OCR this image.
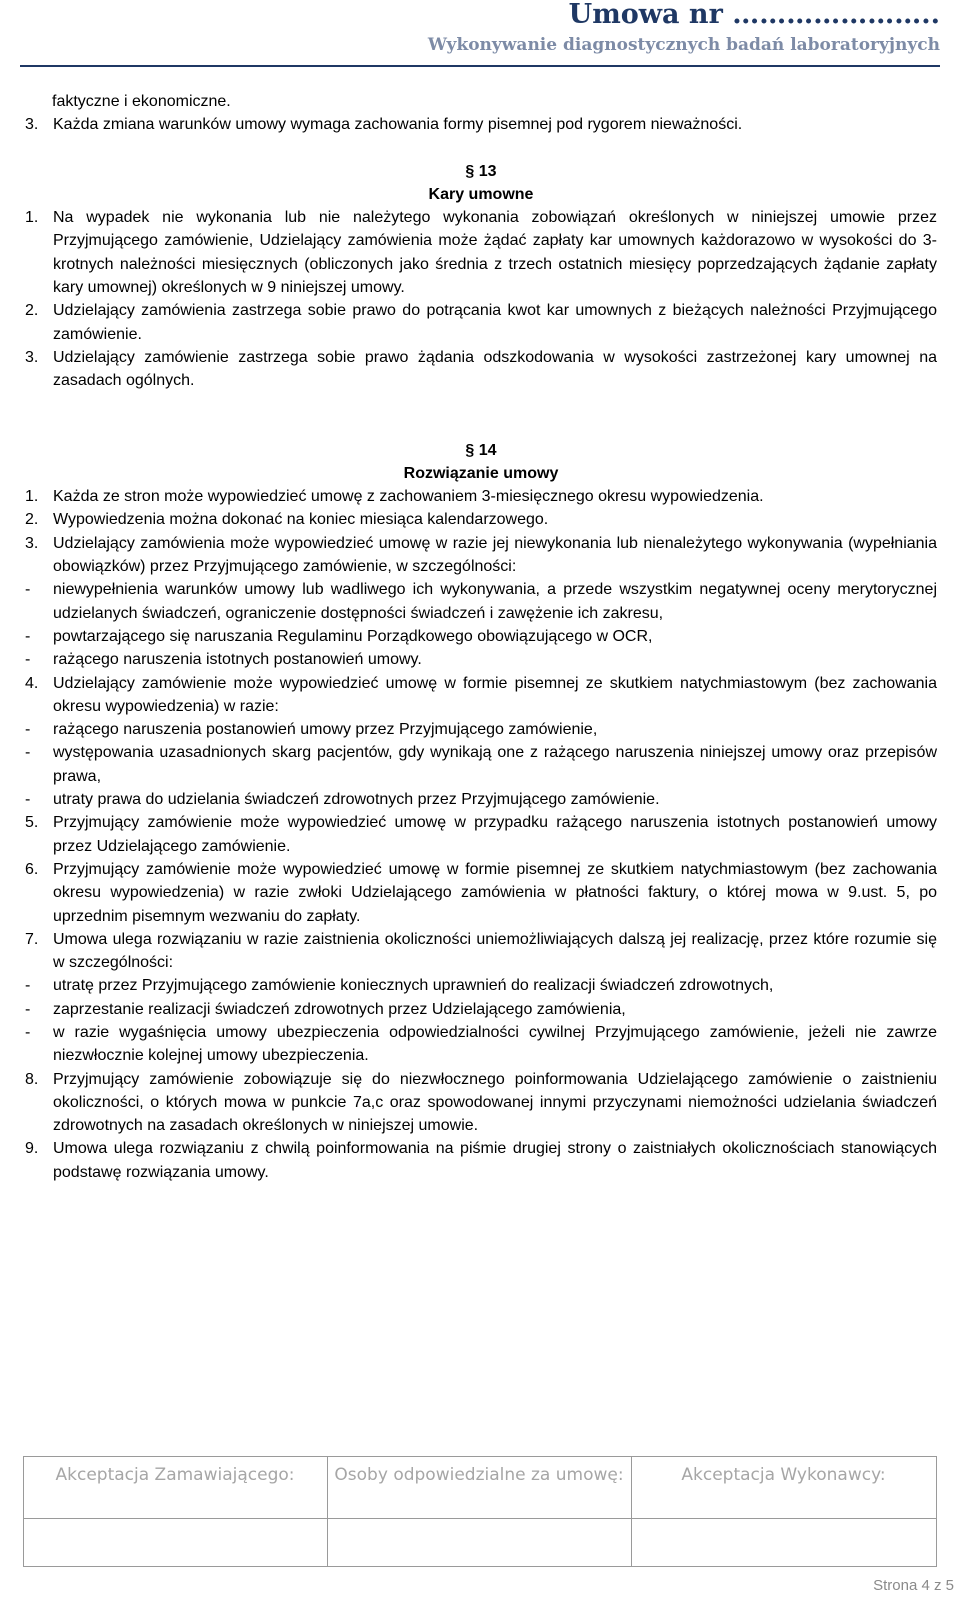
Umowa nr …………………..
Wykonywanie diagnostycznych badań laboratoryjnych
faktyczne i ekonomiczne.
3. Każda zmiana warunków umowy wymaga zachowania formy pisemnej pod rygorem nieważności.
§ 13
Kary umowne
1. Na wypadek nie wykonania lub nie należytego wykonania zobowiązań określonych w niniejszej umowie przez Przyjmującego zamówienie, Udzielający zamówienia może żądać zapłaty kar umownych każdorazowo w wysokości do 3-krotnych należności miesięcznych (obliczonych jako średnia z trzech ostatnich miesięcy poprzedzających żądanie zapłaty kary umownej) określonych w 9 niniejszej umowy.
2. Udzielający zamówienia zastrzega sobie prawo do potrącania kwot kar umownych z bieżących należności Przyjmującego zamówienie.
3. Udzielający zamówienie zastrzega sobie prawo żądania odszkodowania w wysokości zastrzeżonej kary umownej na zasadach ogólnych.
§ 14
Rozwiązanie umowy
1. Każda ze stron może wypowiedzieć umowę z zachowaniem 3-miesięcznego okresu wypowiedzenia.
2. Wypowiedzenia można dokonać na koniec miesiąca kalendarzowego.
3. Udzielający zamówienia może wypowiedzieć umowę w razie jej niewykonania lub nienależytego wykonywania (wypełniania obowiązków) przez Przyjmującego zamówienie, w szczególności:
-	niewypełnienia warunków umowy lub wadliwego ich wykonywania, a przede wszystkim negatywnej oceny merytorycznej udzielanych świadczeń, ograniczenie dostępności świadczeń i zawężenie ich zakresu,
-	powtarzającego się naruszania Regulaminu Porządkowego obowiązującego w OCR,
-	rażącego naruszenia istotnych postanowień umowy.
4. Udzielający zamówienie może wypowiedzieć umowę w formie pisemnej ze skutkiem natychmiastowym (bez zachowania okresu wypowiedzenia) w razie:
-	rażącego naruszenia postanowień umowy przez Przyjmującego zamówienie,
-	występowania uzasadnionych skarg pacjentów, gdy wynikają one z rażącego naruszenia niniejszej umowy oraz przepisów prawa,
-	utraty prawa do udzielania świadczeń zdrowotnych przez Przyjmującego zamówienie.
5. Przyjmujący zamówienie może wypowiedzieć umowę w przypadku rażącego naruszenia istotnych postanowień umowy przez Udzielającego zamówienie.
6. Przyjmujący zamówienie może wypowiedzieć umowę w formie pisemnej ze skutkiem natychmiastowym (bez zachowania okresu wypowiedzenia) w razie zwłoki Udzielającego zamówienia w płatności faktury, o której mowa w 9.ust. 5, po uprzednim pisemnym wezwaniu do zapłaty.
7. Umowa ulega rozwiązaniu w razie zaistnienia okoliczności uniemożliwiających dalszą jej realizację, przez które rozumie się w szczególności:
-	utratę przez Przyjmującego zamówienie koniecznych uprawnień do realizacji świadczeń zdrowotnych,
-	zaprzestanie realizacji świadczeń zdrowotnych przez Udzielającego zamówienia,
-	w razie wygaśnięcia umowy ubezpieczenia odpowiedzialności cywilnej Przyjmującego zamówienie, jeżeli nie zawrze niezwłocznie kolejnej umowy ubezpieczenia.
8. Przyjmujący zamówienie zobowiązuje się do niezwłocznego poinformowania Udzielającego zamówienie o zaistnieniu okoliczności, o których mowa w punkcie 7a,c oraz spowodowanej innymi przyczynami niemożności udzielania świadczeń zdrowotnych na zasadach określonych w niniejszej umowie.
9. Umowa ulega rozwiązaniu z chwilą poinformowania na piśmie drugiej strony o zaistniałych okolicznościach stanowiących podstawę rozwiązania umowy.
Akceptacja Zamawiającego:	Osoby odpowiedzialne za umowę:	Akceptacja Wykonawcy:
Strona 4 z 5
